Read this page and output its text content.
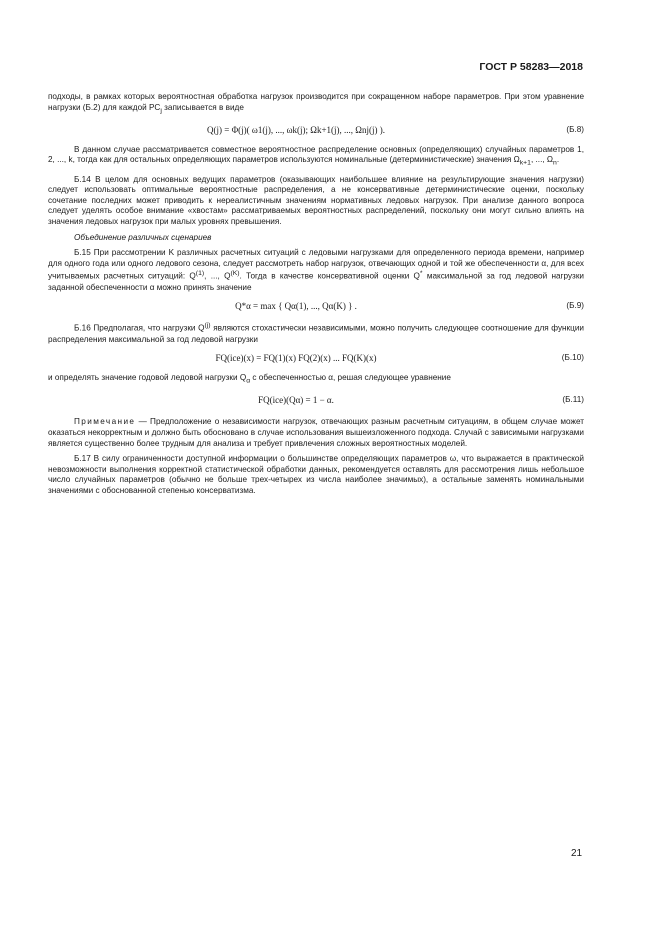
ГОСТ Р 58283—2018

подходы, в рамках которых вероятностная обработка нагрузок производится при сокращенном наборе параметров. При этом уравнение нагрузки (Б.2) для каждой $PC_j$ записывается в виде

Q(j) = Φ(j)( ω1(j), ..., ωk(j); Ωk+1(j), ..., Ωnj(j) ).	(Б.8)

В данном случае рассматривается совместное вероятностное распределение основных (определяющих) случайных параметров 1, 2, ..., k, тогда как для остальных определяющих параметров используются номинальные (детерминистические) значения $\Omega_{k+1}$, ..., $\Omega_n$.

Б.14 В целом для основных ведущих параметров (оказывающих наибольшее влияние на результирующие значения нагрузки) следует использовать оптимальные вероятностные распределения, а не консервативные детерминистические оценки, поскольку сочетание последних может приводить к нереалистичным значениям нормативных ледовых нагрузок. При анализе данного вопроса следует уделять особое внимание «хвостам» рассматриваемых вероятностных распределений, поскольку они могут сильно влиять на значения ледовых нагрузок при малых уровнях превышения.

Объединение различных сценариев

Б.15 При рассмотрении K различных расчетных ситуаций с ледовыми нагрузками для определенного периода времени, например для одного года или одного ледового сезона, следует рассмотреть набор нагрузок, отвечающих одной и той же обеспеченности α, для всех учитываемых расчетных ситуаций: $Q^{(1)}$, ..., $Q^{(K)}$. Тогда в качестве консервативной оценки Q* максимальной за год ледовой нагрузки заданной обеспеченности α можно принять значение

Q*α = max { Qα(1), ..., Qα(K) } .	(Б.9)

Б.16 Предполагая, что нагрузки $Q^{(j)}$ являются стохастически независимыми, можно получить следующее соотношение для функции распределения максимальной за год ледовой нагрузки

FQ(ice)(x) = FQ(1)(x) FQ(2)(x) ... FQ(K)(x)	(Б.10)

и определять значение годовой ледовой нагрузки $Q_\alpha$ с обеспеченностью α, решая следующее уравнение

FQ(ice)(Qα) = 1 − α.	(Б.11)

Примечание — Предположение о независимости нагрузок, отвечающих разным расчетным ситуациям, в общем случае может оказаться некорректным и должно быть обосновано в случае использования вышеизложенного подхода. Случай с зависимыми нагрузками является существенно более трудным для анализа и требует привлечения сложных вероятностных моделей.

Б.17 В силу ограниченности доступной информации о большинстве определяющих параметров ω, что выражается в практической невозможности выполнения корректной статистической обработки данных, рекомендуется оставлять для рассмотрения лишь небольшое число случайных параметров (обычно не больше трех-четырех из числа наиболее значимых), а остальные заменять номинальными значениями с обоснованной степенью консерватизма.

21
